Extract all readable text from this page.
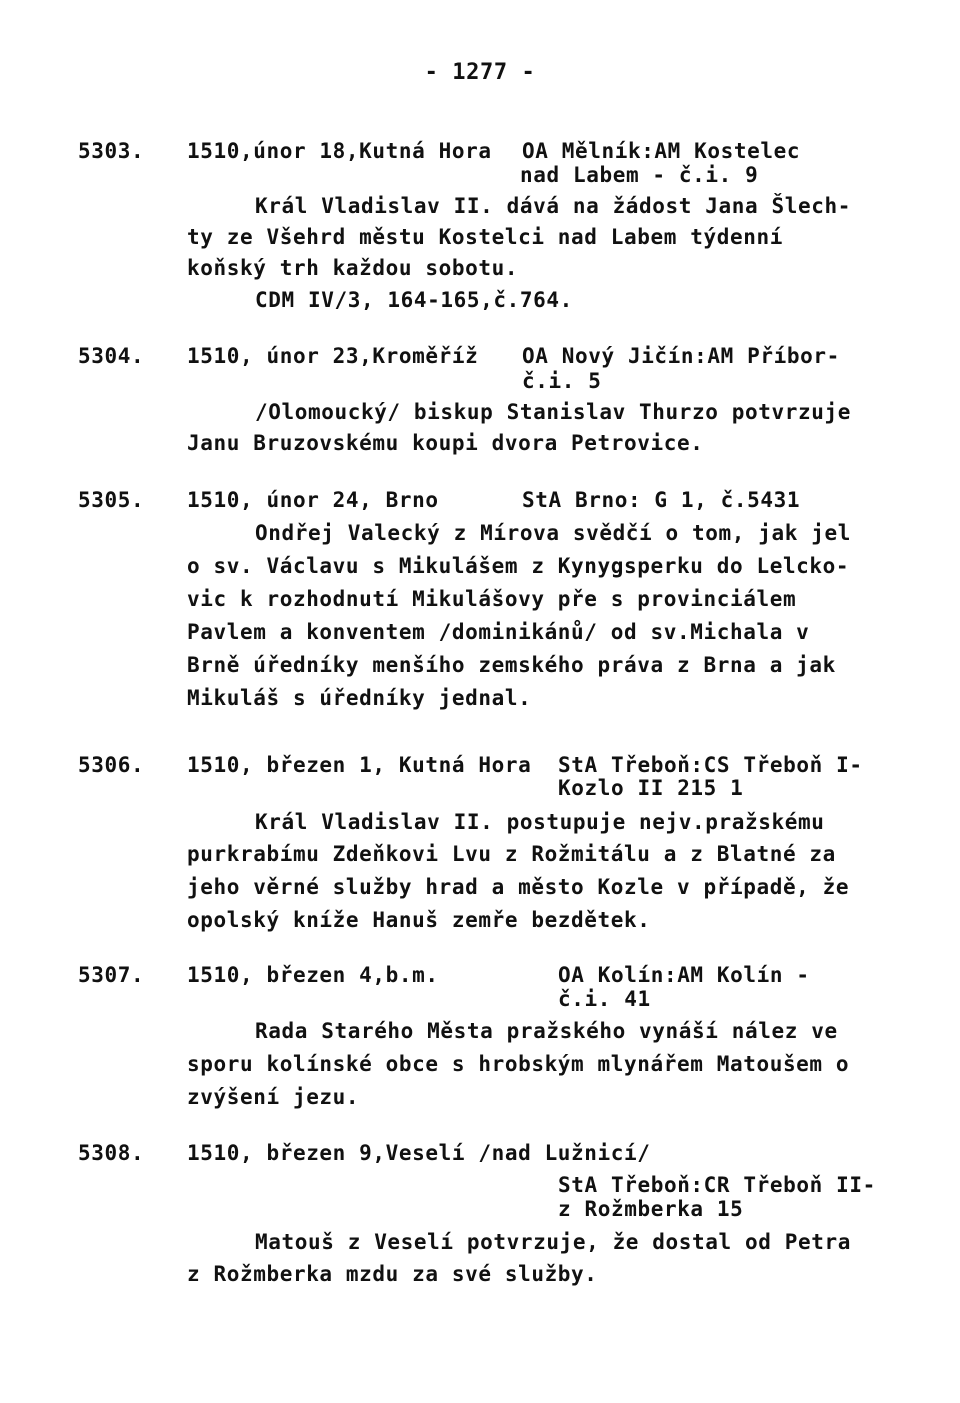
- 1277 -
5303. 1510,únor 18,Kutná Hora OA Mělník:AM Kostelec
nad Labem - č.i. 9
Král Vladislav II. dává na žádost Jana Šlech-
ty ze Všehrd městu Kostelci nad Labem týdenní
koňský trh každou sobotu.
CDM IV/3, 164-165,č.764.
5304. 1510, únor 23,Kroměříž OA Nový Jičín:AM Příbor-
č.i. 5
/Olomoucký/ biskup Stanislav Thurzo potvrzuje
Janu Bruzovskému koupi dvora Petrovice.
5305. 1510, únor 24, Brno	StA Brno: G 1, č.5431
Ondřej Valecký z Mírova svědčí o tom, jak jel
o sv. Václavu s Mikulášem z Kynygsperku do Lelcko-
vic k rozhodnutí Mikulášovy pře s provinciálem
Pavlem a konventem /dominikánů/ od sv.Michala v
Brně úředníky menšího zemského práva z Brna a jak
Mikuláš s úředníky jednal.
5306. 1510, březen 1, Kutná Hora StA Třeboň:CS Třeboň I-
Kozlo II 215 1
Král Vladislav II. postupuje nejv.pražskému
purkrabímu Zdeňkovi Lvu z Rožmitálu a z Blatné za
jeho věrné služby hrad a město Kozle v případě, že
opolský kníže Hanuš zemře bezdětek.
5307. 1510, březen 4,b.m.	OA Kolín:AM Kolín -
č.i. 41
Rada Starého Města pražského vynáší nález ve
sporu kolínské obce s hrobským mlynářem Matoušem o
zvýšení jezu.
5308. 1510, březen 9,Veselí /nad Lužnicí/
StA Třeboň:CR Třeboň II-
z Rožmberka 15
Matouš z Veselí potvrzuje, že dostal od Petra
z Rožmberka mzdu za své služby.
